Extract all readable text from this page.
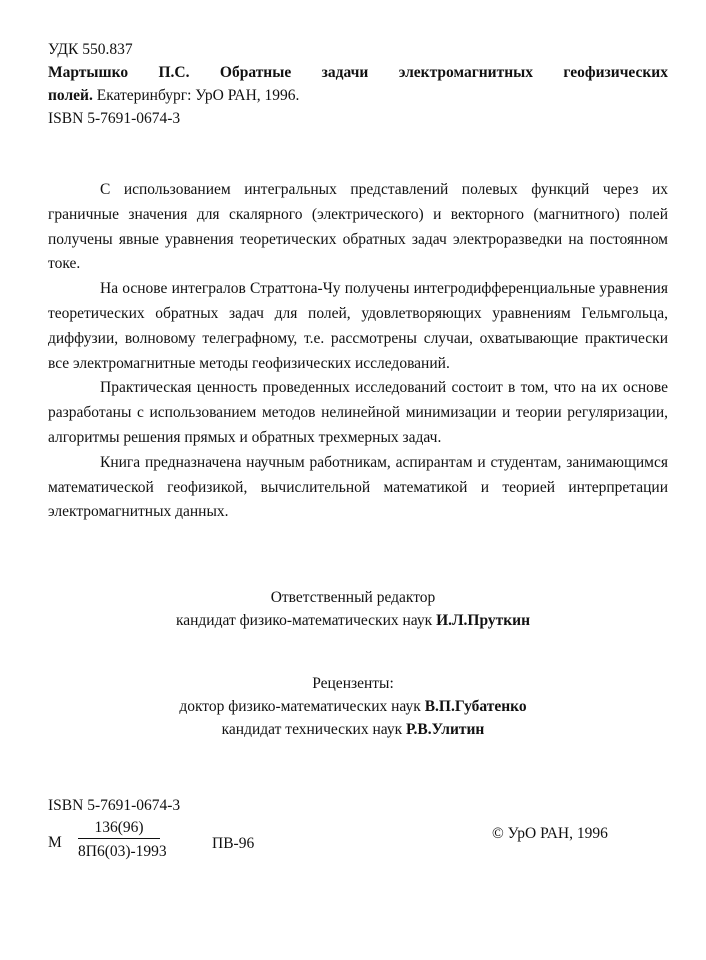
УДК 550.837
Мартышко П.С. Обратные задачи электромагнитных геофизических
полей. Екатеринбург: УрО РАН, 1996.
ISBN 5-7691-0674-3

С использованием интегральных представлений полевых функций через их граничные значения для скалярного (электрического) и векторного (магнитного) полей получены явные уравнения теоретических обратных задач электроразведки на постоянном токе.

На основе интегралов Страттона-Чу получены интегродифференциальные уравнения теоретических обратных задач для полей, удовлетворяющих уравнениям Гельмгольца, диффузии, волновому телеграфному, т.е. рассмотрены случаи, охватывающие практически все электромагнитные методы геофизических исследований.

Практическая ценность проведенных исследований состоит в том, что на их основе разработаны с использованием методов нелинейной минимизации и теории регуляризации, алгоритмы решения прямых и обратных трехмерных задач.

Книга предназначена научным работникам, аспирантам и студентам, занимающимся математической геофизикой, вычислительной математикой и теорией интерпретации электромагнитных данных.

Ответственный редактор
кандидат физико-математических наук И.Л.Пруткин
Рецензенты:
доктор физико-математических наук В.П.Губатенко
кандидат технических наук Р.В.Улитин
ISBN 5-7691-0674-3
М
136(96)
8П6(03)-1993	ПВ-96
© УрО РАН, 1996
